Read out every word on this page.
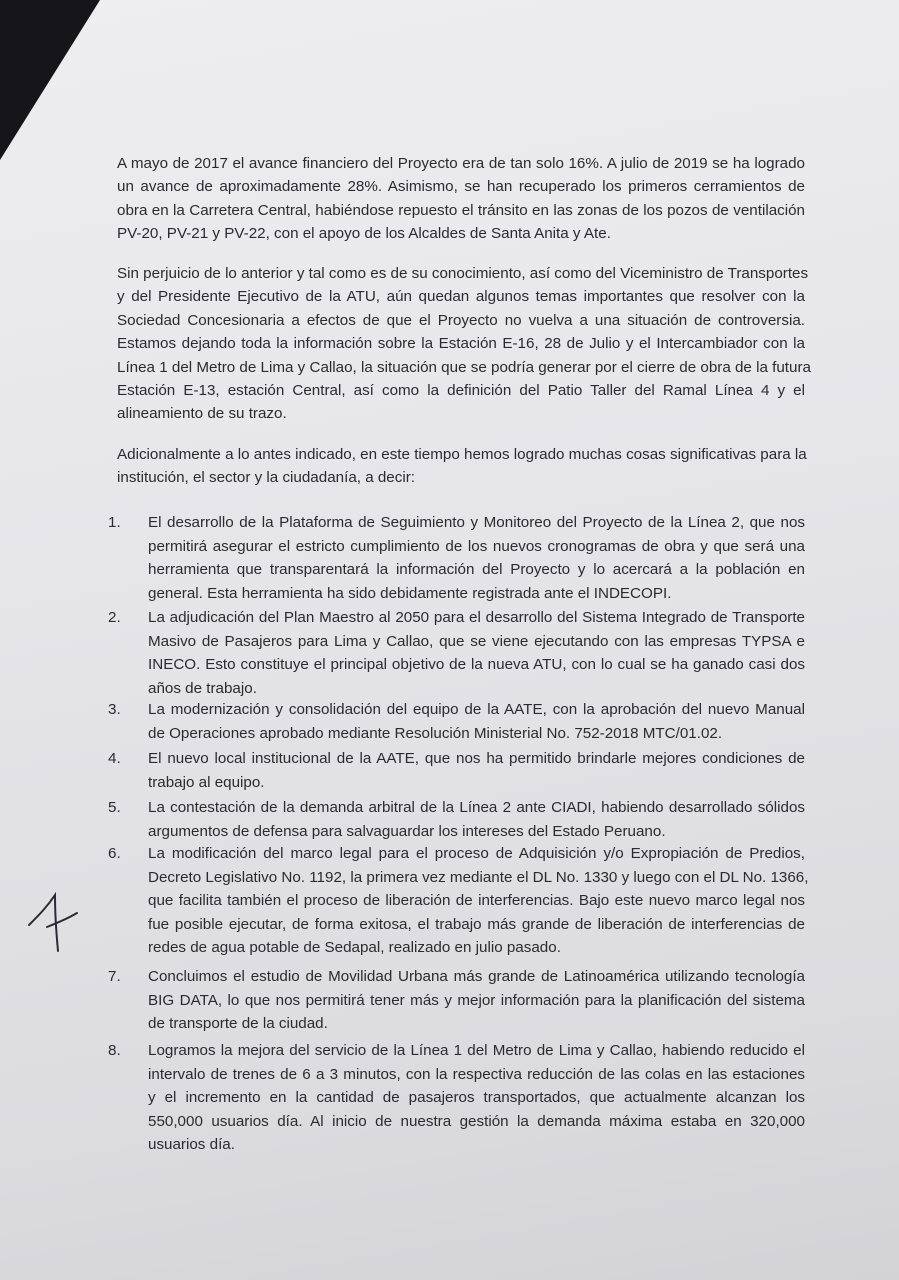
A mayo de 2017 el avance financiero del Proyecto era de tan solo 16%. A julio de 2019 se ha logrado
un avance de aproximadamente 28%. Asimismo, se han recuperado los primeros cerramientos de
obra en la Carretera Central, habiéndose repuesto el tránsito en las zonas de los pozos de ventilación
PV-20, PV-21 y PV-22, con el apoyo de los Alcaldes de Santa Anita y Ate.
Sin perjuicio de lo anterior y tal como es de su conocimiento, así como del Viceministro de Transportes
y del Presidente Ejecutivo de la ATU, aún quedan algunos temas importantes que resolver con la
Sociedad Concesionaria a efectos de que el Proyecto no vuelva a una situación de controversia.
Estamos dejando toda la información sobre la Estación E-16, 28 de Julio y el Intercambiador con la
Línea 1 del Metro de Lima y Callao, la situación que se podría generar por el cierre de obra de la futura
Estación E-13, estación Central, así como la definición del Patio Taller del Ramal Línea 4 y el
alineamiento de su trazo.
Adicionalmente a lo antes indicado, en este tiempo hemos logrado muchas cosas significativas para la
institución, el sector y la ciudadanía, a decir:
1.	El desarrollo de la Plataforma de Seguimiento y Monitoreo del Proyecto de la Línea 2, que nos
permitirá asegurar el estricto cumplimiento de los nuevos cronogramas de obra y que será una
herramienta que transparentará la información del Proyecto y lo acercará a la población en
general. Esta herramienta ha sido debidamente registrada ante el INDECOPI.
2.	La adjudicación del Plan Maestro al 2050 para el desarrollo del Sistema Integrado de Transporte
Masivo de Pasajeros para Lima y Callao, que se viene ejecutando con las empresas TYPSA e
INECO. Esto constituye el principal objetivo de la nueva ATU, con lo cual se ha ganado casi dos
años de trabajo.
3.	La modernización y consolidación del equipo de la AATE, con la aprobación del nuevo Manual
de Operaciones aprobado mediante Resolución Ministerial No. 752-2018 MTC/01.02.
4.	El nuevo local institucional de la AATE, que nos ha permitido brindarle mejores condiciones de
trabajo al equipo.
5.	La contestación de la demanda arbitral de la Línea 2 ante CIADI, habiendo desarrollado sólidos
argumentos de defensa para salvaguardar los intereses del Estado Peruano.
6.	La modificación del marco legal para el proceso de Adquisición y/o Expropiación de Predios,
Decreto Legislativo No. 1192, la primera vez mediante el DL No. 1330 y luego con el DL No. 1366,
que facilita también el proceso de liberación de interferencias. Bajo este nuevo marco legal nos
fue posible ejecutar, de forma exitosa, el trabajo más grande de liberación de interferencias de
redes de agua potable de Sedapal, realizado en julio pasado.
7.	Concluimos el estudio de Movilidad Urbana más grande de Latinoamérica utilizando tecnología
BIG DATA, lo que nos permitirá tener más y mejor información para la planificación del sistema
de transporte de la ciudad.
8.	Logramos la mejora del servicio de la Línea 1 del Metro de Lima y Callao, habiendo reducido el
intervalo de trenes de 6 a 3 minutos, con la respectiva reducción de las colas en las estaciones
y el incremento en la cantidad de pasajeros transportados, que actualmente alcanzan los
550,000 usuarios día. Al inicio de nuestra gestión la demanda máxima estaba en 320,000
usuarios día.
